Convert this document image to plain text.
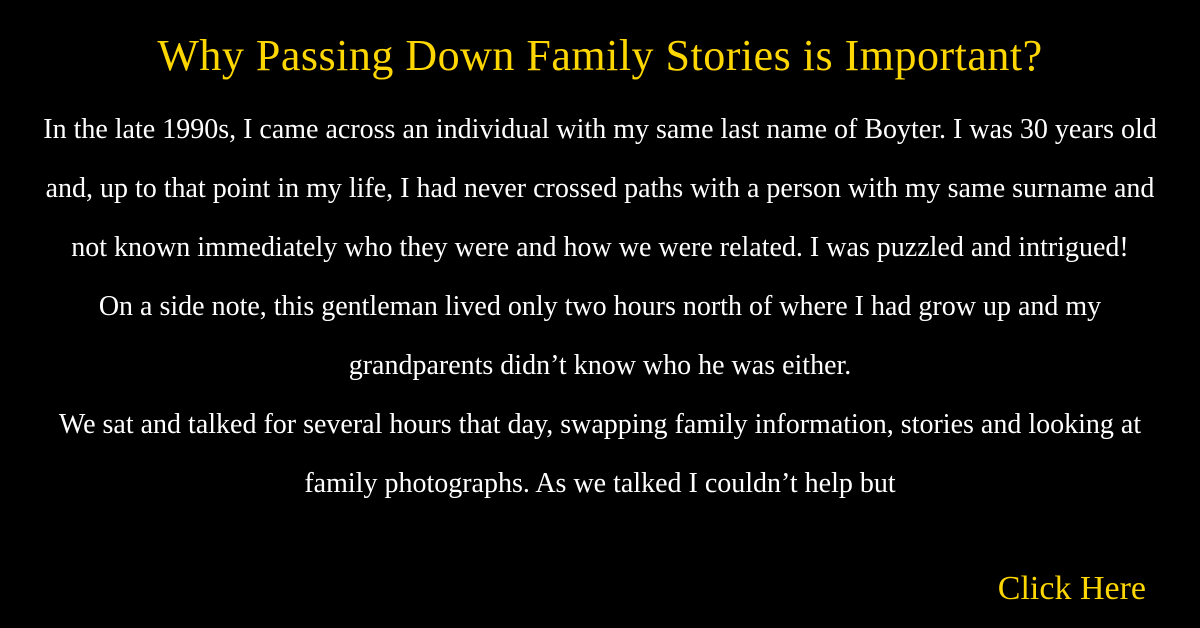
Why Passing Down Family Stories is Important?

In the late 1990s, I came across an individual with my same last name of Boyter. I was 30 years old and, up to that point in my life, I had never crossed paths with a person with my same surname and not known immediately who they were and how we were related. I was puzzled and intrigued!

On a side note, this gentleman lived only two hours north of where I had grow up and my grandparents didn’t know who he was either.

We sat and talked for several hours that day, swapping family information, stories and looking at family photographs. As we talked I couldn’t help but

Click Here
